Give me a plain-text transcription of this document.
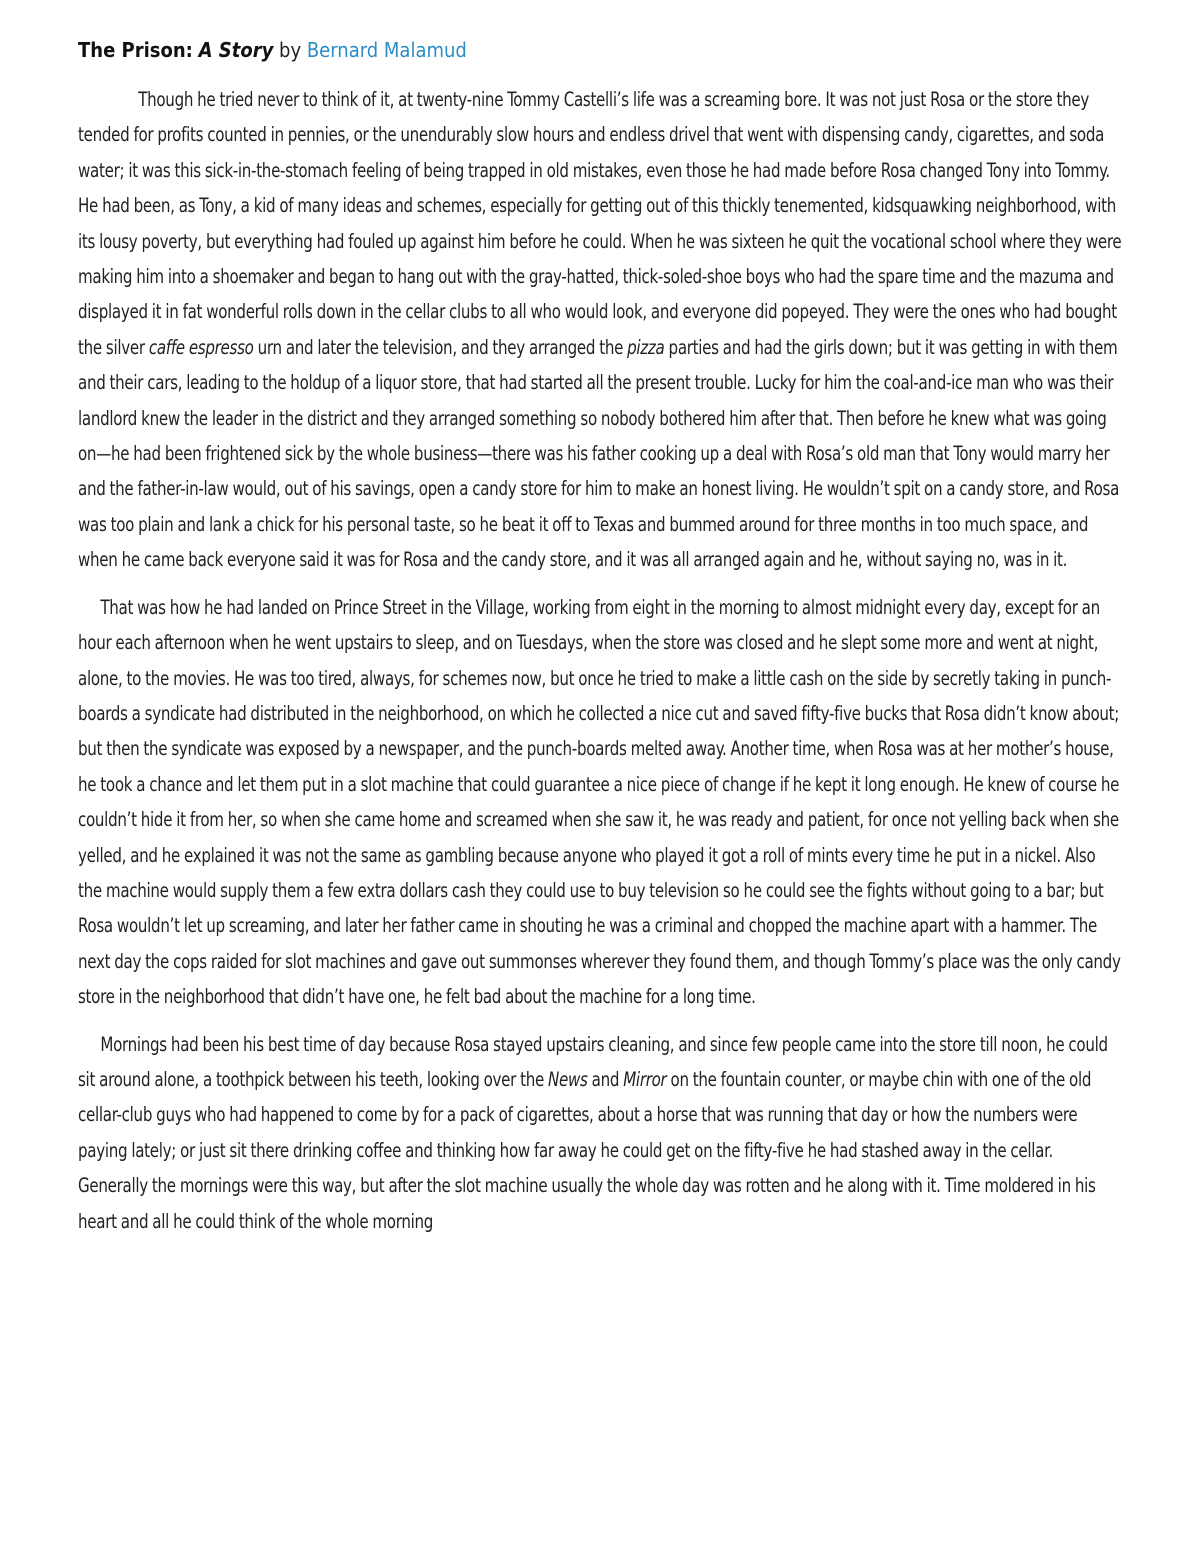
The Prison: A Story by Bernard Malamud

Though he tried never to think of it, at twenty-nine Tommy Castelli’s life was a screaming bore. It was not just Rosa or the store they tended for profits counted in pennies, or the unendurably slow hours and endless drivel that went with dispensing candy, cigarettes, and soda water; it was this sick-in-the-stomach feeling of being trapped in old mistakes, even those he had made before Rosa changed Tony into Tommy. He had been, as Tony, a kid of many ideas and schemes, especially for getting out of this thickly tenemented, kidsquawking neighborhood, with its lousy poverty, but everything had fouled up against him before he could. When he was sixteen he quit the vocational school where they were making him into a shoemaker and began to hang out with the gray-hatted, thick-soled-shoe boys who had the spare time and the mazuma and displayed it in fat wonderful rolls down in the cellar clubs to all who would look, and everyone did popeyed. They were the ones who had bought the silver caffe espresso urn and later the television, and they arranged the pizza parties and had the girls down; but it was getting in with them and their cars, leading to the holdup of a liquor store, that had started all the present trouble. Lucky for him the coal-and-ice man who was their landlord knew the leader in the district and they arranged something so nobody bothered him after that. Then before he knew what was going on—he had been frightened sick by the whole business—there was his father cooking up a deal with Rosa’s old man that Tony would marry her and the father-in-law would, out of his savings, open a candy store for him to make an honest living. He wouldn’t spit on a candy store, and Rosa was too plain and lank a chick for his personal taste, so he beat it off to Texas and bummed around for three months in too much space, and when he came back everyone said it was for Rosa and the candy store, and it was all arranged again and he, without saying no, was in it.

That was how he had landed on Prince Street in the Village, working from eight in the morning to almost midnight every day, except for an hour each afternoon when he went upstairs to sleep, and on Tuesdays, when the store was closed and he slept some more and went at night, alone, to the movies. He was too tired, always, for schemes now, but once he tried to make a little cash on the side by secretly taking in punch-boards a syndicate had distributed in the neighborhood, on which he collected a nice cut and saved fifty-five bucks that Rosa didn’t know about; but then the syndicate was exposed by a newspaper, and the punch-boards melted away. Another time, when Rosa was at her mother’s house, he took a chance and let them put in a slot machine that could guarantee a nice piece of change if he kept it long enough. He knew of course he couldn’t hide it from her, so when she came home and screamed when she saw it, he was ready and patient, for once not yelling back when she yelled, and he explained it was not the same as gambling because anyone who played it got a roll of mints every time he put in a nickel. Also the machine would supply them a few extra dollars cash they could use to buy television so he could see the fights without going to a bar; but Rosa wouldn’t let up screaming, and later her father came in shouting he was a criminal and chopped the machine apart with a hammer. The next day the cops raided for slot machines and gave out summonses wherever they found them, and though Tommy’s place was the only candy store in the neighborhood that didn’t have one, he felt bad about the machine for a long time.

Mornings had been his best time of day because Rosa stayed upstairs cleaning, and since few people came into the store till noon, he could sit around alone, a toothpick between his teeth, looking over the News and Mirror on the fountain counter, or maybe chin with one of the old cellar-club guys who had happened to come by for a pack of cigarettes, about a horse that was running that day or how the numbers were paying lately; or just sit there drinking coffee and thinking how far away he could get on the fifty-five he had stashed away in the cellar. Generally the mornings were this way, but after the slot machine usually the whole day was rotten and he along with it. Time moldered in his heart and all he could think of the whole morning
